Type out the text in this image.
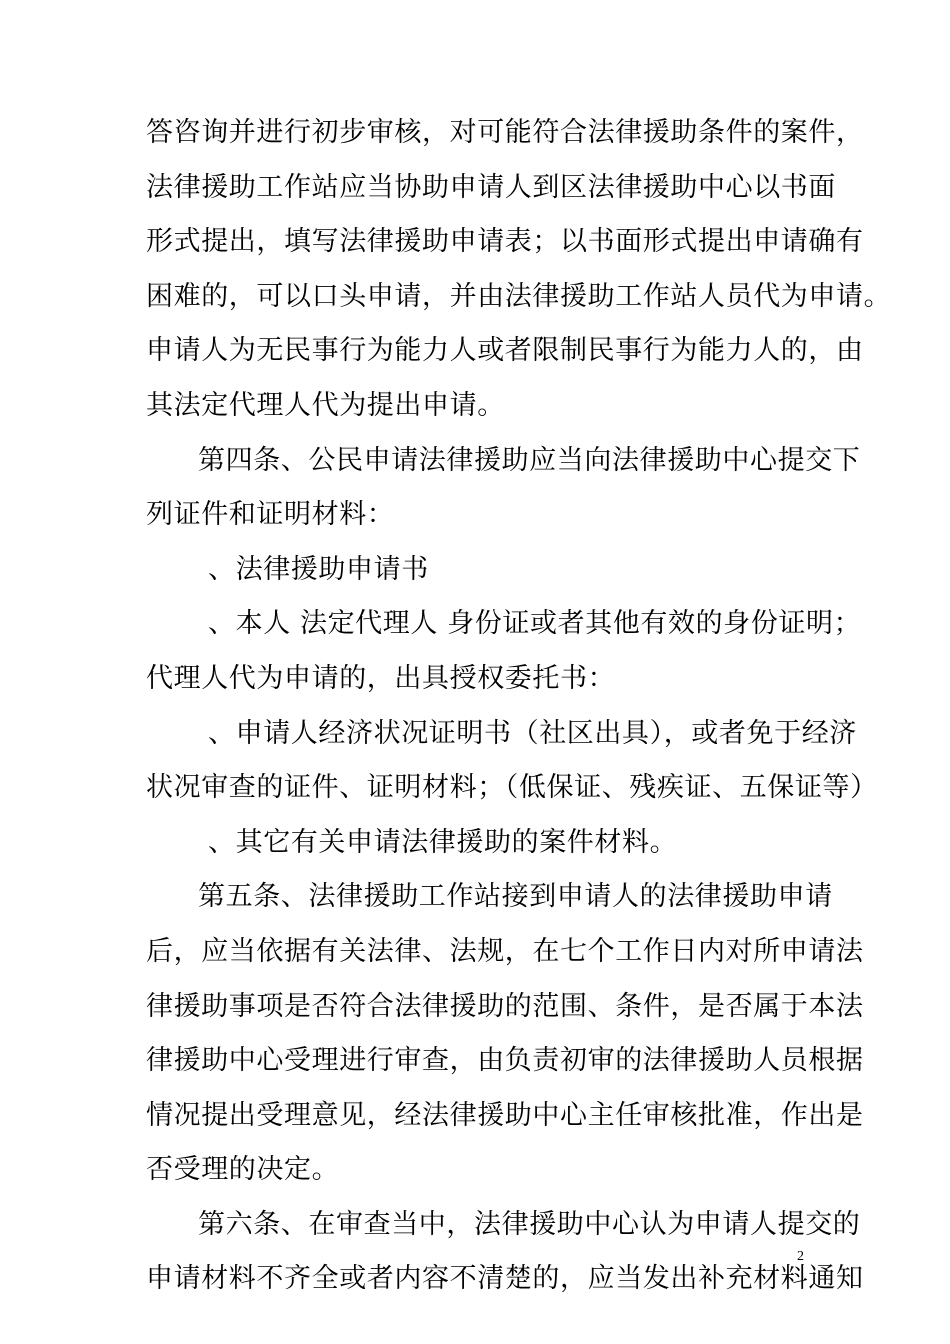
答咨询并进行初步审核，对可能符合法律援助条件的案件，
法律援助工作站应当协助申请人到区法律援助中心以书面
形式提出，填写法律援助申请表；以书面形式提出申请确有
困难的，可以口头申请，并由法律援助工作站人员代为申请。
申请人为无民事行为能力人或者限制民事行为能力人的，由
其法定代理人代为提出申请。
第四条、公民申请法律援助应当向法律援助中心提交下
列证件和证明材料：
、法律援助申请书
、本人 法定代理人 身份证或者其他有效的身份证明；
代理人代为申请的，出具授权委托书：
、申请人经济状况证明书（社区出具），或者免于经济
状况审查的证件、证明材料；（低保证、残疾证、五保证等）
、其它有关申请法律援助的案件材料。
第五条、法律援助工作站接到申请人的法律援助申请
后，应当依据有关法律、法规，在七个工作日内对所申请法
律援助事项是否符合法律援助的范围、条件，是否属于本法
律援助中心受理进行审查，由负责初审的法律援助人员根据
情况提出受理意见，经法律援助中心主任审核批准，作出是
否受理的决定。
第六条、在审查当中，法律援助中心认为申请人提交的
申请材料不齐全或者内容不清楚的，应当发出补充材料通知
2
